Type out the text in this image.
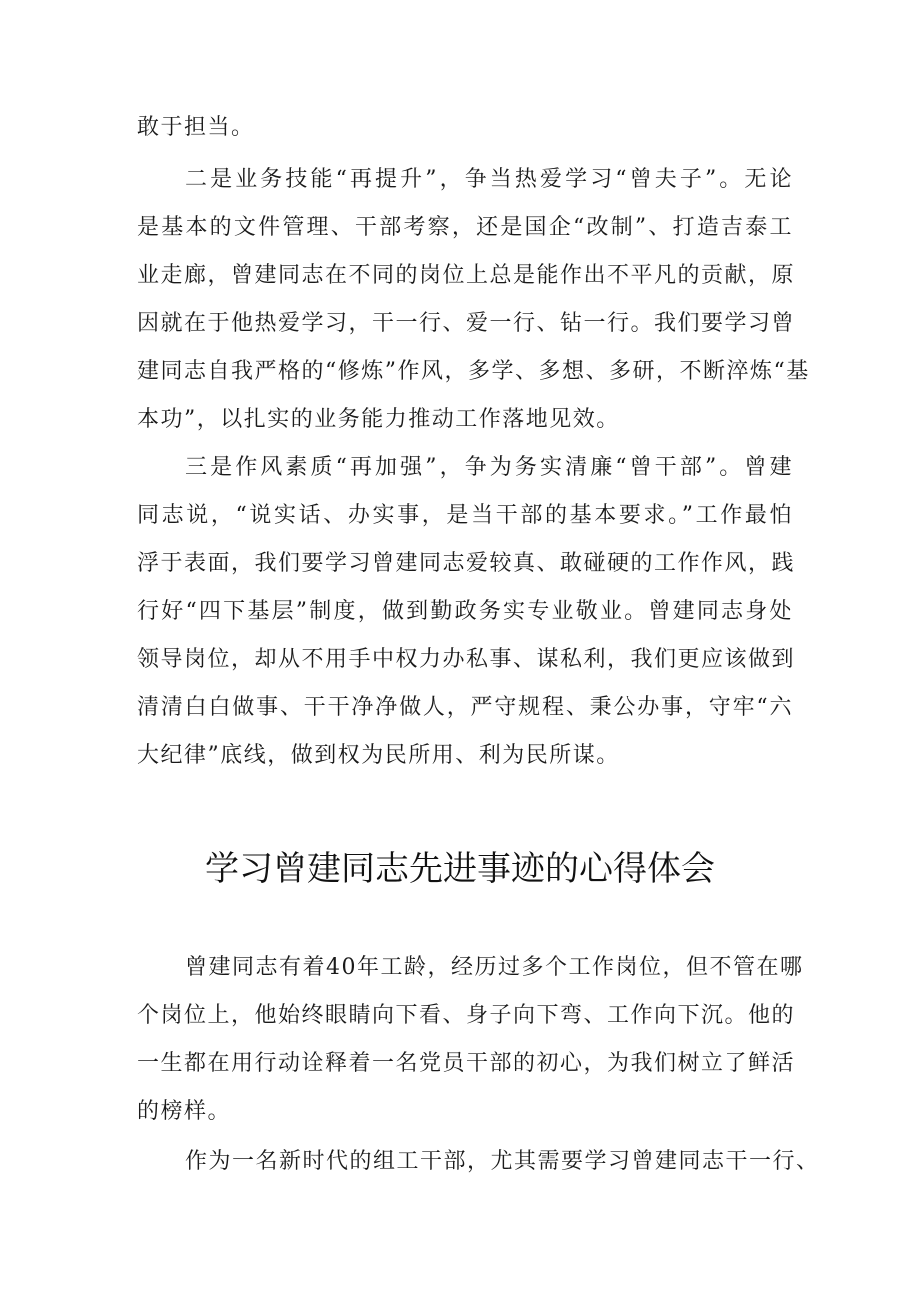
敢于担当。
二是业务技能“再提升”，争当热爱学习“曾夫子”。无论
是基本的文件管理、干部考察，还是国企“改制”、打造吉泰工
业走廊，曾建同志在不同的岗位上总是能作出不平凡的贡献，原
因就在于他热爱学习，干一行、爱一行、钻一行。我们要学习曾
建同志自我严格的“修炼”作风，多学、多想、多研，不断淬炼“基
本功”，以扎实的业务能力推动工作落地见效。
三是作风素质“再加强”，争为务实清廉“曾干部”。曾建
同志说，“说实话、办实事，是当干部的基本要求。”工作最怕
浮于表面，我们要学习曾建同志爱较真、敢碰硬的工作作风，践
行好“四下基层”制度，做到勤政务实专业敬业。曾建同志身处
领导岗位，却从不用手中权力办私事、谋私利，我们更应该做到
清清白白做事、干干净净做人，严守规程、秉公办事，守牢“六
大纪律”底线，做到权为民所用、利为民所谋。
学习曾建同志先进事迹的心得体会
曾建同志有着40年工龄，经历过多个工作岗位，但不管在哪
个岗位上，他始终眼睛向下看、身子向下弯、工作向下沉。他的
一生都在用行动诠释着一名党员干部的初心，为我们树立了鲜活
的榜样。
作为一名新时代的组工干部，尤其需要学习曾建同志干一行、
